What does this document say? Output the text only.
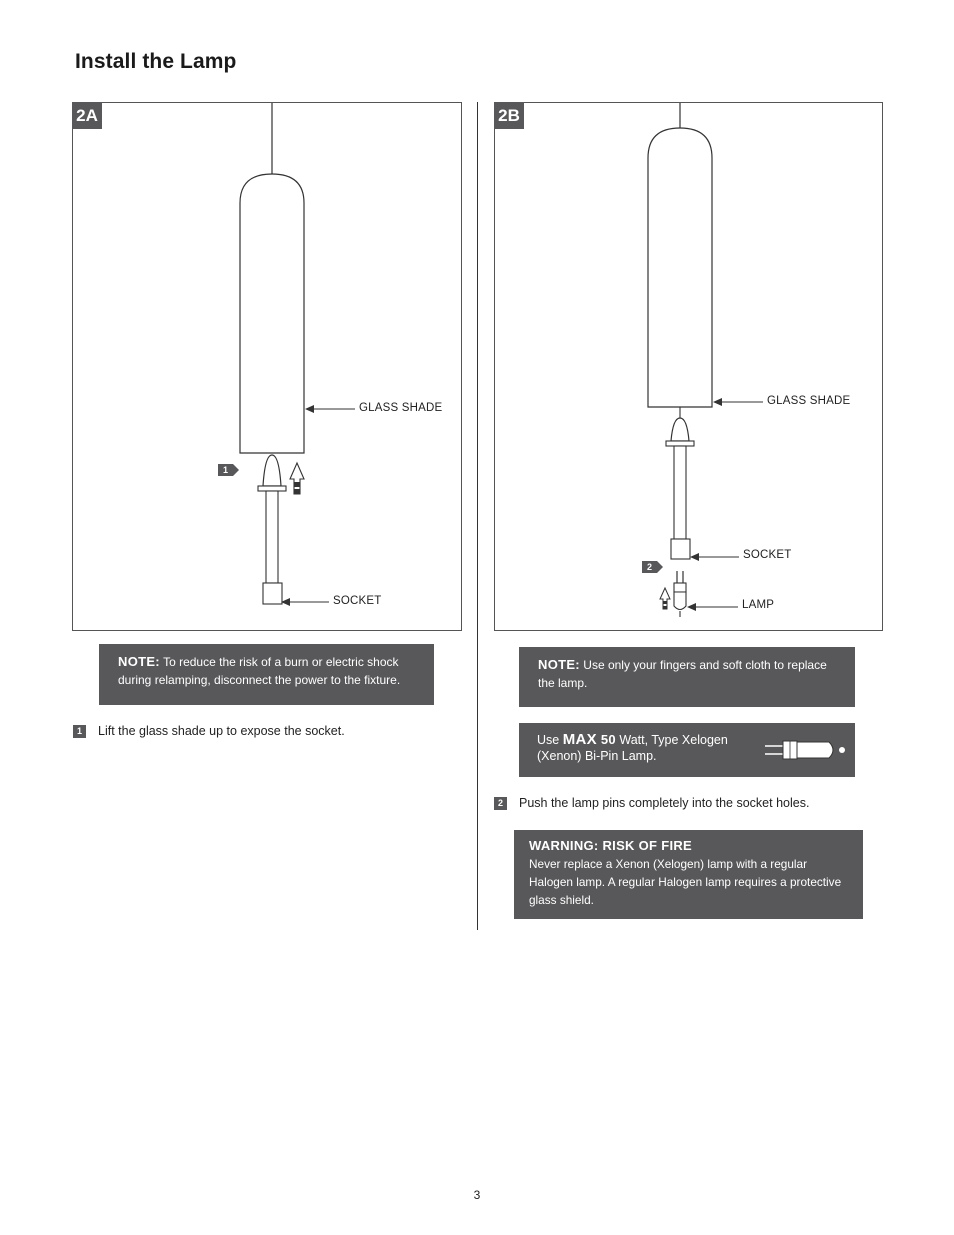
Install the Lamp
2A
GLASS SHADE
SOCKET
1
2B
GLASS SHADE
SOCKET
LAMP
2
NOTE: To reduce the risk of a burn or electric shock during relamping, disconnect the power to the fixture.
1	Lift the glass shade up to expose the socket.
NOTE: Use only your fingers and soft cloth to replace the lamp.
Use MAX 50 Watt, Type Xelogen (Xenon) Bi-Pin Lamp.
2	Push the lamp pins completely into the socket holes.
WARNING: RISK OF FIRE
Never replace a Xenon (Xelogen) lamp with a regular Halogen lamp. A regular Halogen lamp requires a protective glass shield.
3
